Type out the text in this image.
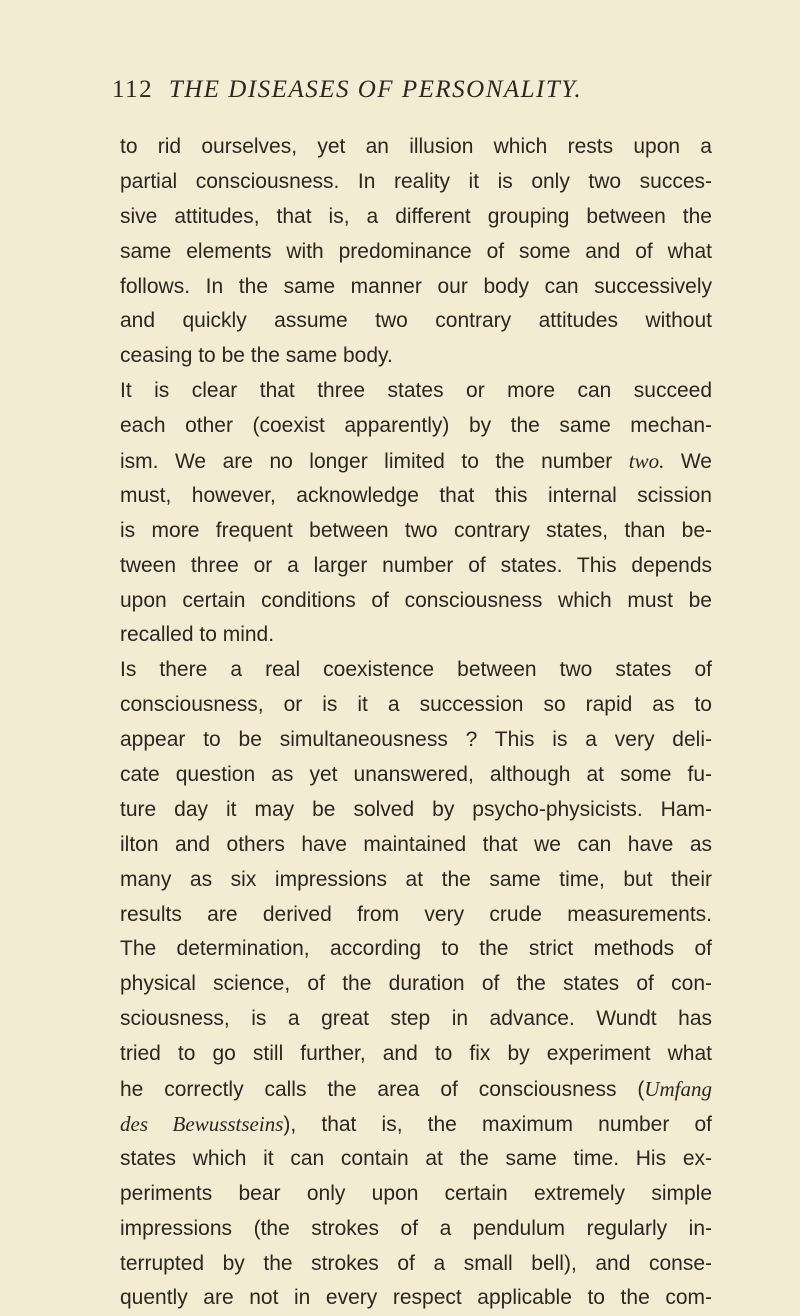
112 THE DISEASES OF PERSONALITY.
to rid ourselves, yet an illusion which rests upon a
partial consciousness. In reality it is only two succes-
sive attitudes, that is, a different grouping between the
same elements with predominance of some and of what
follows. In the same manner our body can successively
and quickly assume two contrary attitudes without
ceasing to be the same body.
It is clear that three states or more can succeed
each other (coexist apparently) by the same mechan-
ism. We are no longer limited to the number two. We
must, however, acknowledge that this internal scission
is more frequent between two contrary states, than be-
tween three or a larger number of states. This depends
upon certain conditions of consciousness which must be
recalled to mind.
Is there a real coexistence between two states of
consciousness, or is it a succession so rapid as to
appear to be simultaneousness ? This is a very deli-
cate question as yet unanswered, although at some fu-
ture day it may be solved by psycho-physicists. Ham-
ilton and others have maintained that we can have as
many as six impressions at the same time, but their
results are derived from very crude measurements.
The determination, according to the strict methods of
physical science, of the duration of the states of con-
sciousness, is a great step in advance. Wundt has
tried to go still further, and to fix by experiment what
he correctly calls the area of consciousness (Umfang
des Bewusstseins), that is, the maximum number of
states which it can contain at the same time. His ex-
periments bear only upon certain extremely simple
impressions (the strokes of a pendulum regularly in-
terrupted by the strokes of a small bell), and conse-
quently are not in every respect applicable to the com-
